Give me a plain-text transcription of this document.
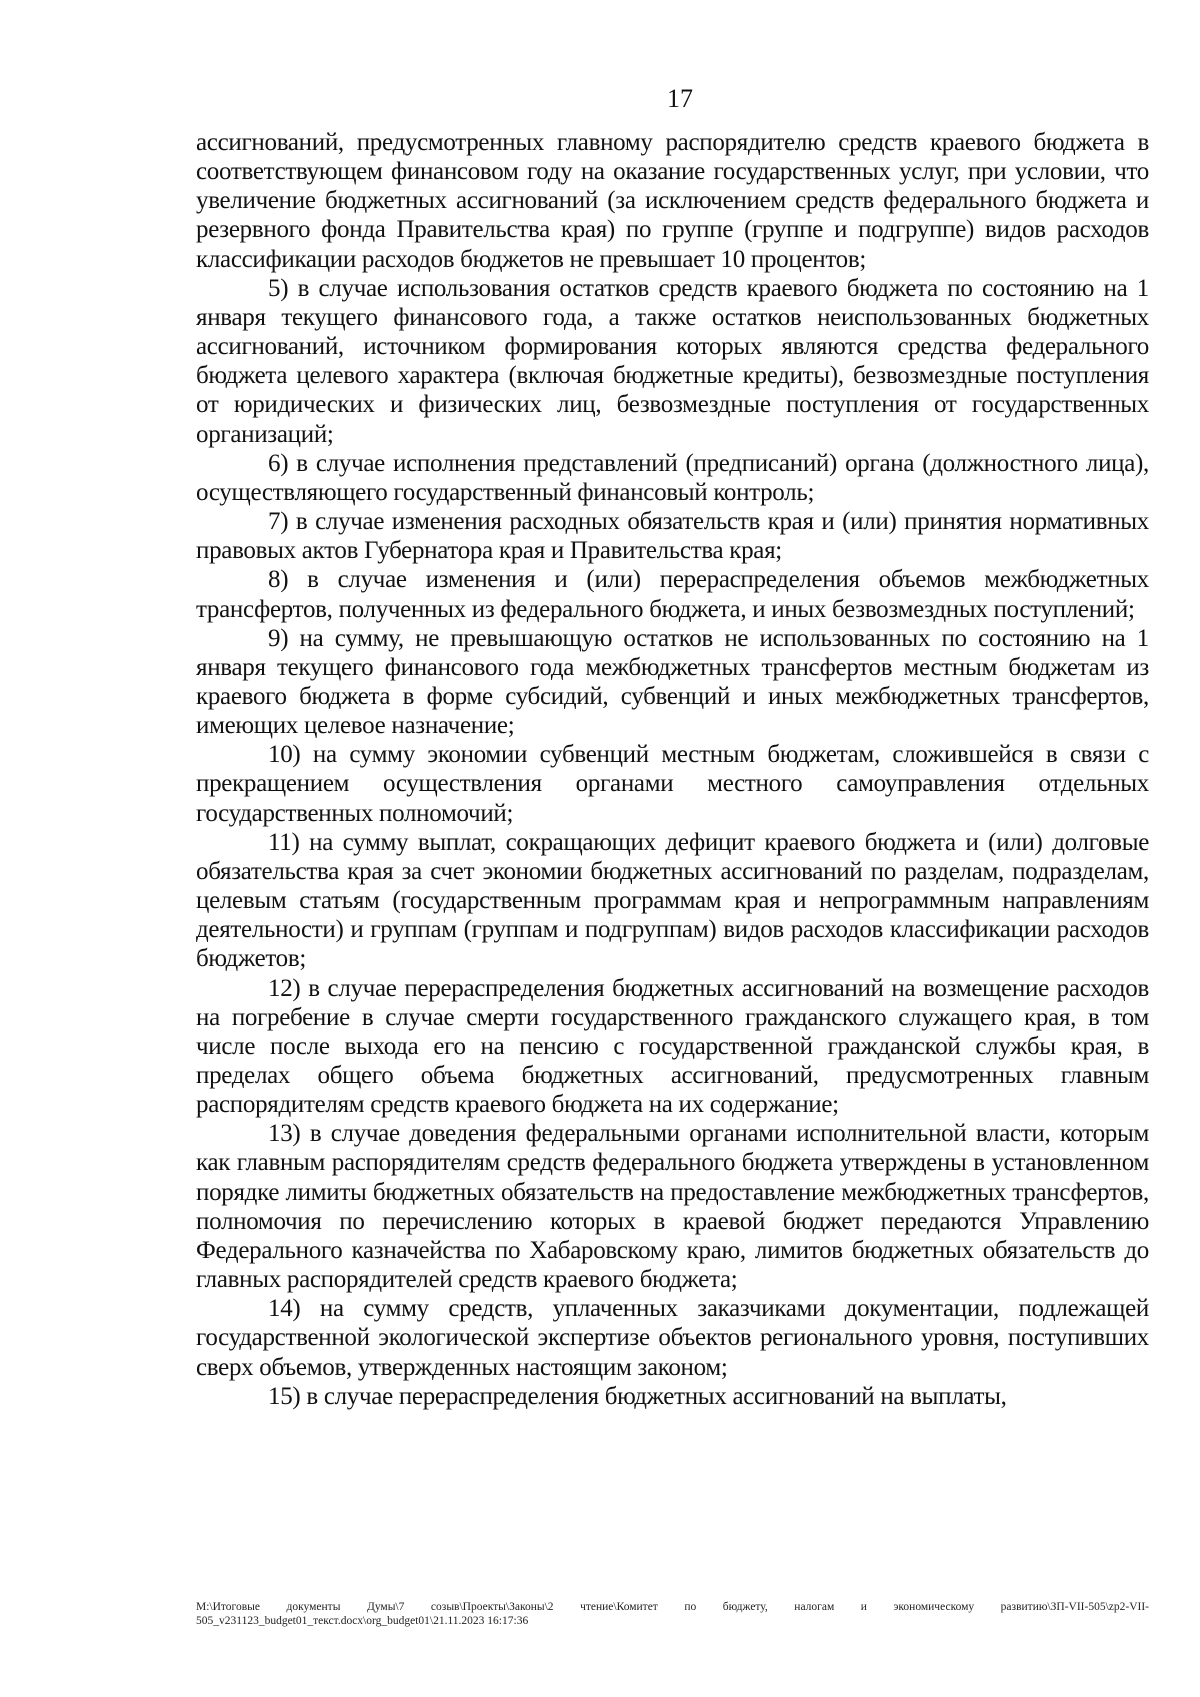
17

ассигнований, предусмотренных главному распорядителю средств краевого бюджета в соответствующем финансовом году на оказание государственных услуг, при условии, что увеличение бюджетных ассигнований (за исключением средств федерального бюджета и резервного фонда Правительства края) по группе (группе и подгруппе) видов расходов классификации расходов бюджетов не превышает 10 процентов;

5) в случае использования остатков средств краевого бюджета по состоянию на 1 января текущего финансового года, а также остатков неиспользованных бюджетных ассигнований, источником формирования которых являются средства федерального бюджета целевого характера (включая бюджетные кредиты), безвозмездные поступления от юридических и физических лиц, безвозмездные поступления от государственных организаций;

6) в случае исполнения представлений (предписаний) органа (должностного лица), осуществляющего государственный финансовый контроль;

7) в случае изменения расходных обязательств края и (или) принятия нормативных правовых актов Губернатора края и Правительства края;

8) в случае изменения и (или) перераспределения объемов межбюджетных трансфертов, полученных из федерального бюджета, и иных безвозмездных поступлений;

9) на сумму, не превышающую остатков не использованных по состоянию на 1 января текущего финансового года межбюджетных трансфертов местным бюджетам из краевого бюджета в форме субсидий, субвенций и иных межбюджетных трансфертов, имеющих целевое назначение;

10) на сумму экономии субвенций местным бюджетам, сложившейся в связи с прекращением осуществления органами местного самоуправления отдельных государственных полномочий;

11) на сумму выплат, сокращающих дефицит краевого бюджета и (или) долговые обязательства края за счет экономии бюджетных ассигнований по разделам, подразделам, целевым статьям (государственным программам края и непрограммным направлениям деятельности) и группам (группам и подгруппам) видов расходов классификации расходов бюджетов;

12) в случае перераспределения бюджетных ассигнований на возмещение расходов на погребение в случае смерти государственного гражданского служащего края, в том числе после выхода его на пенсию с государственной гражданской службы края, в пределах общего объема бюджетных ассигнований, предусмотренных главным распорядителям средств краевого бюджета на их содержание;

13) в случае доведения федеральными органами исполнительной власти, которым как главным распорядителям средств федерального бюджета утверждены в установленном порядке лимиты бюджетных обязательств на предоставление межбюджетных трансфертов, полномочия по перечислению которых в краевой бюджет передаются Управлению Федерального казначейства по Хабаровскому краю, лимитов бюджетных обязательств до главных распорядителей средств краевого бюджета;

14) на сумму средств, уплаченных заказчиками документации, подлежащей государственной экологической экспертизе объектов регионального уровня, поступивших сверх объемов, утвержденных настоящим законом;

15) в случае перераспределения бюджетных ассигнований на выплаты,

M:\Итоговые документы Думы\7 созыв\Проекты\Законы\2 чтение\Комитет по бюджету, налогам и экономическому развитию\ЗП-VII-505\zp2-VII-505_v231123_budget01_текст.docx\org_budget01\21.11.2023 16:17:36
